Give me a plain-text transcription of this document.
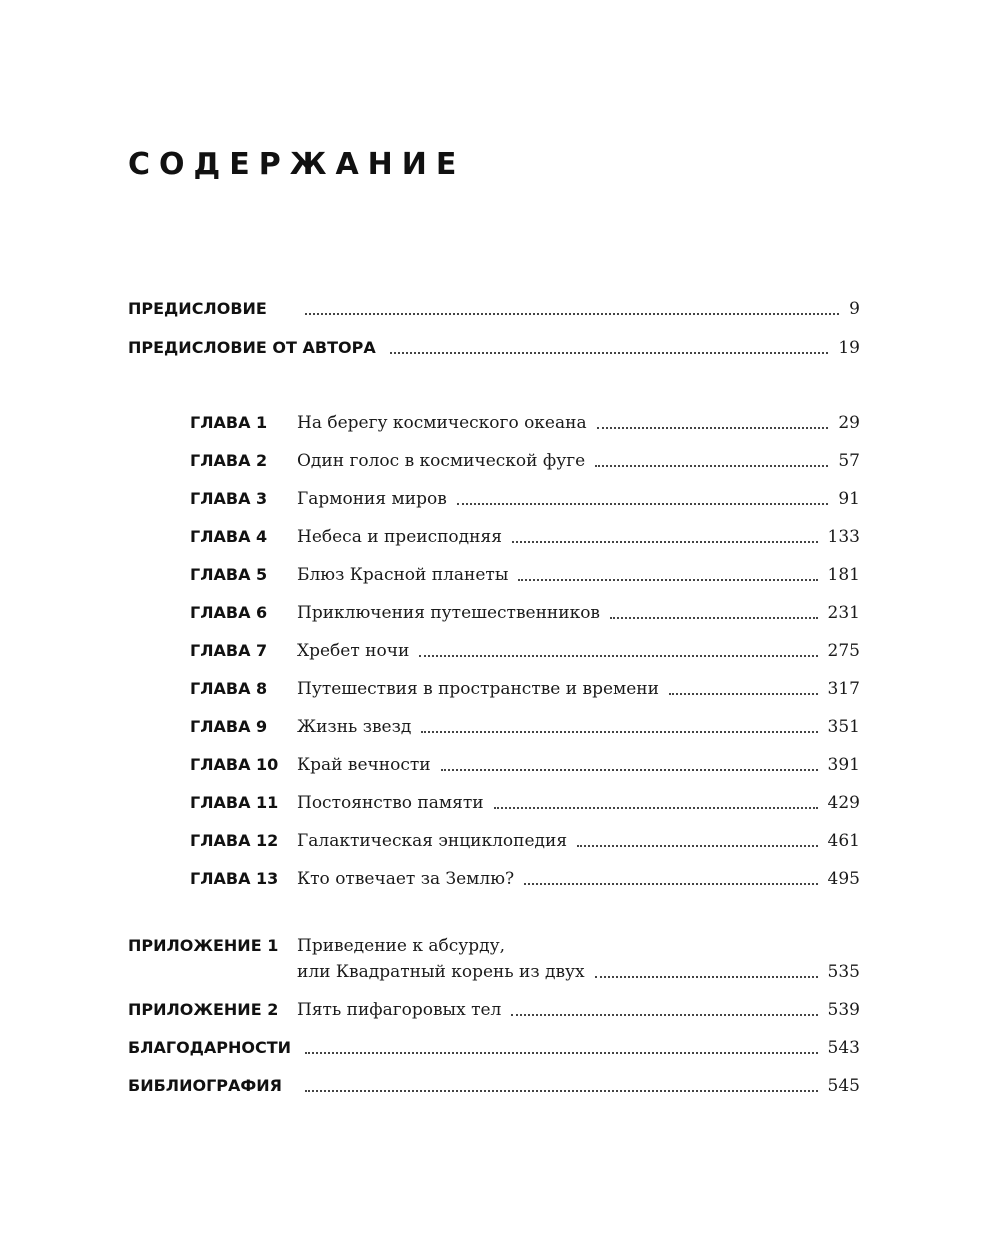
СОДЕРЖАНИЕ
ПРЕДИСЛОВИЕ	9
ПРЕДИСЛОВИЕ ОТ АВТОРА	19
ГЛАВА 1 На берегу космического океана	29
ГЛАВА 2 Один голос в космической фуге	57
ГЛАВА 3 Гармония миров	91
ГЛАВА 4 Небеса и преисподняя	133
ГЛАВА 5 Блюз Красной планеты	181
ГЛАВА 6 Приключения путешественников	231
ГЛАВА 7 Хребет ночи	275
ГЛАВА 8 Путешествия в пространстве и времени	317
ГЛАВА 9 Жизнь звезд	351
ГЛАВА 10 Край вечности	391
ГЛАВА 11 Постоянство памяти	429
ГЛАВА 12 Галактическая энциклопедия	461
ГЛАВА 13 Кто отвечает за Землю?	495
ПРИЛОЖЕНИЕ 1 Приведение к абсурду,
или Квадратный корень из двух	535
ПРИЛОЖЕНИЕ 2 Пять пифагоровых тел	539
БЛАГОДАРНОСТИ	543
БИБЛИОГРАФИЯ	545
